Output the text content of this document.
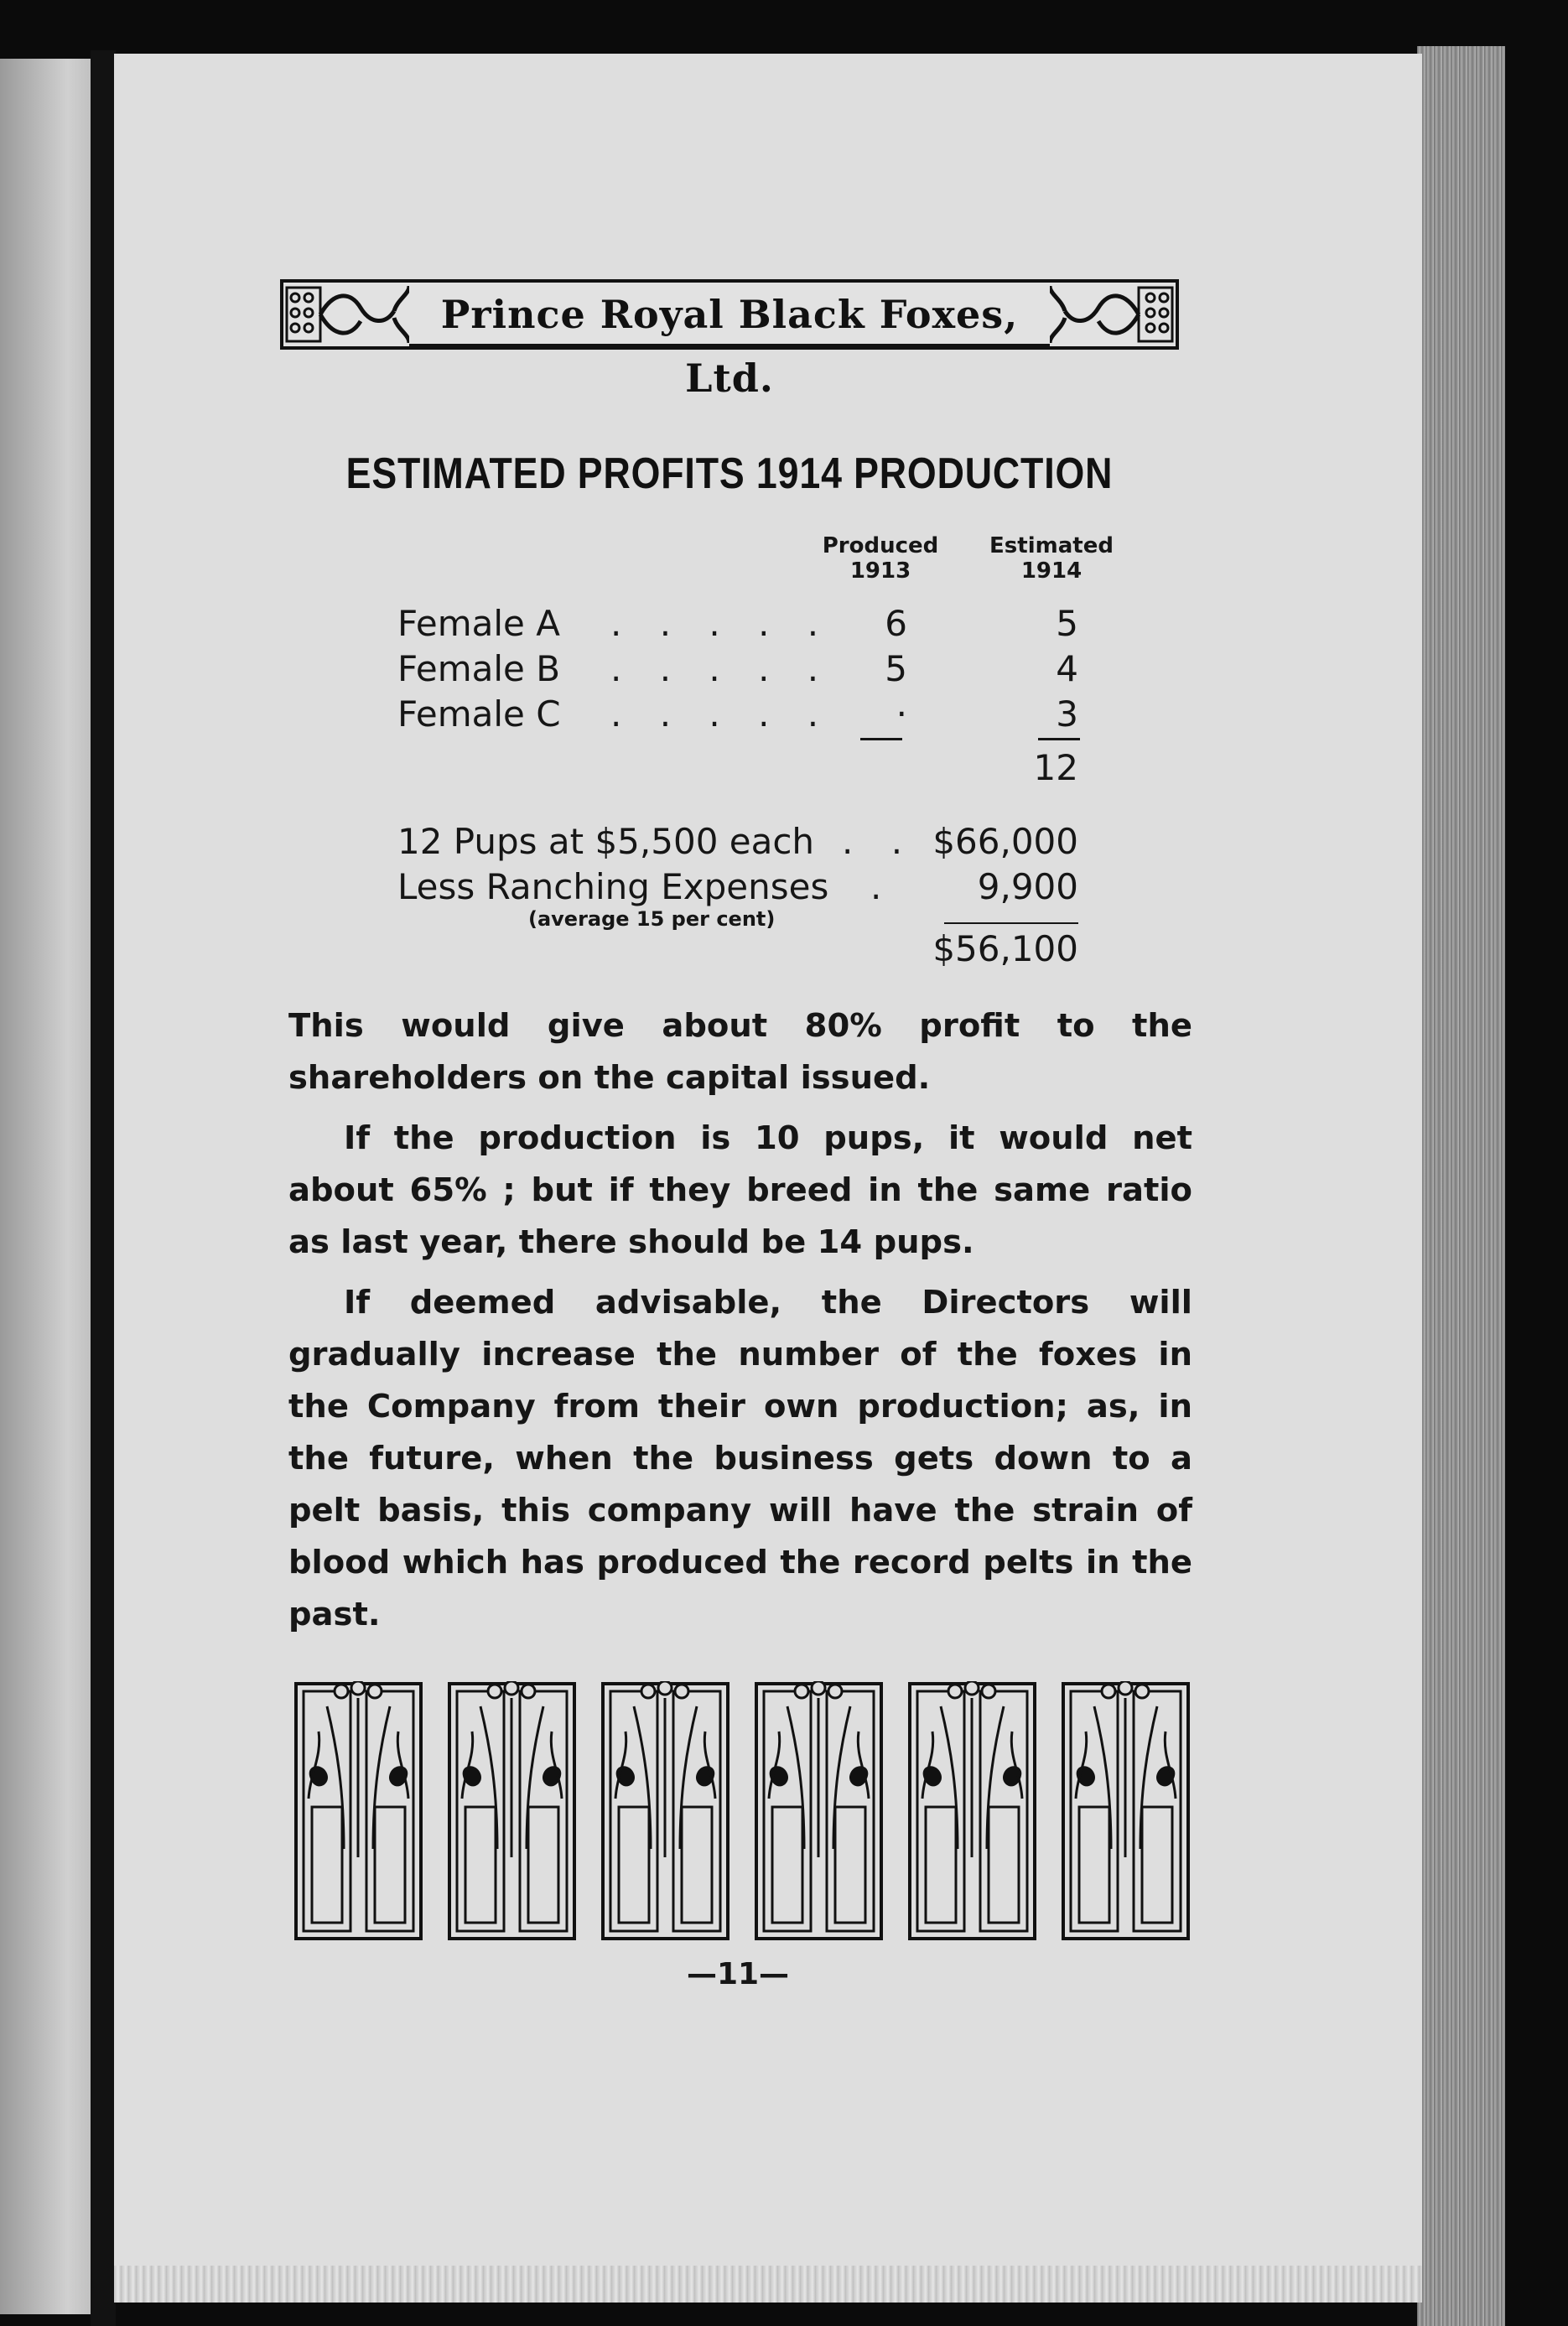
Prince Royal Black Foxes, Ltd.
ESTIMATED PROFITS 1914 PRODUCTION
Produced
1913
Estimated
1914
Female A . . . . .	6	5
Female B . . . . .	5	4
Female C . . . . .	·	3
12
12 Pups at $5,500 each . . $66,000
Less Ranching Expenses .	9,900
(average 15 per cent)
$56,100
This would give about 80% profit to the shareholders on the capital issued.
If the production is 10 pups, it would net about 65% ; but if they breed in the same ratio as last year, there should be 14 pups.
If deemed advisable, the Directors will gradually increase the number of the foxes in the Company from their own production; as, in the future, when the business gets down to a pelt basis, this company will have the strain of blood which has produced the record pelts in the past.
—11—
